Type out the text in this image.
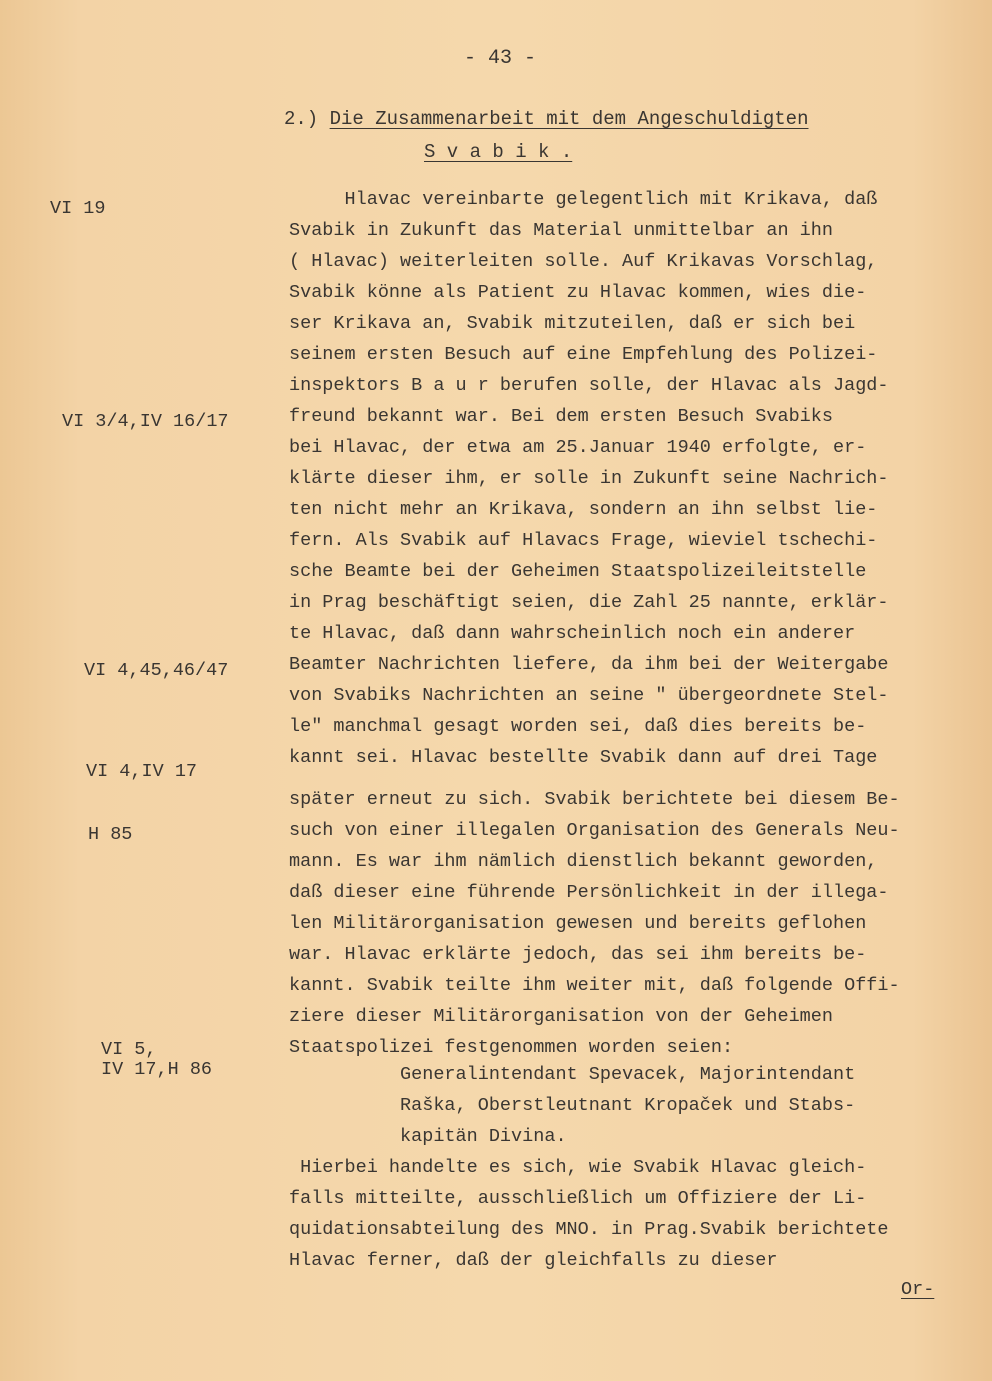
- 43 -
2.) Die Zusammenarbeit mit dem Angeschuldigten
S v a b i k .
VI 19
VI 3/4,IV 16/17
VI 4,45,46/47
VI 4,IV 17
H 85
VI 5,
IV 17,H 86
Hlavac vereinbarte gelegentlich mit Krikava, daß
Svabik in Zukunft das Material unmittelbar an ihn
( Hlavac) weiterleiten solle. Auf Krikavas Vorschlag,
Svabik könne als Patient zu Hlavac kommen, wies die-
ser Krikava an, Svabik mitzuteilen, daß er sich bei
seinem ersten Besuch auf eine Empfehlung des Polizei-
inspektors B a u r berufen solle, der Hlavac als Jagd-
freund bekannt war. Bei dem ersten Besuch Svabiks
bei Hlavac, der etwa am 25.Januar 1940 erfolgte, er-
klärte dieser ihm, er solle in Zukunft seine Nachrich-
ten nicht mehr an Krikava, sondern an ihn selbst lie-
fern. Als Svabik auf Hlavacs Frage, wieviel tschechi-
sche Beamte bei der Geheimen Staatspolizeileitstelle
in Prag beschäftigt seien, die Zahl 25 nannte, erklär-
te Hlavac, daß dann wahrscheinlich noch ein anderer
Beamter Nachrichten liefere, da ihm bei der Weitergabe
von Svabiks Nachrichten an seine " übergeordnete Stel-
le" manchmal gesagt worden sei, daß dies bereits be-
kannt sei. Hlavac bestellte Svabik dann auf drei Tage
später erneut zu sich. Svabik berichtete bei diesem Be-
such von einer illegalen Organisation des Generals Neu-
mann. Es war ihm nämlich dienstlich bekannt geworden,
daß dieser eine führende Persönlichkeit in der illega-
len Militärorganisation gewesen und bereits geflohen
war. Hlavac erklärte jedoch, das sei ihm bereits be-
kannt. Svabik teilte ihm weiter mit, daß folgende Offi-
ziere dieser Militärorganisation von der Geheimen
Staatspolizei festgenommen worden seien:
Generalintendant Spevacek, Majorintendant
Raška, Oberstleutnant Kropaček und Stabs-
kapitän Divina.
Hierbei handelte es sich, wie Svabik Hlavac gleich-
falls mitteilte, ausschließlich um Offiziere der Li-
quidationsabteilung des MNO. in Prag.Svabik berichtete
Hlavac ferner, daß der gleichfalls zu dieser
Or-
